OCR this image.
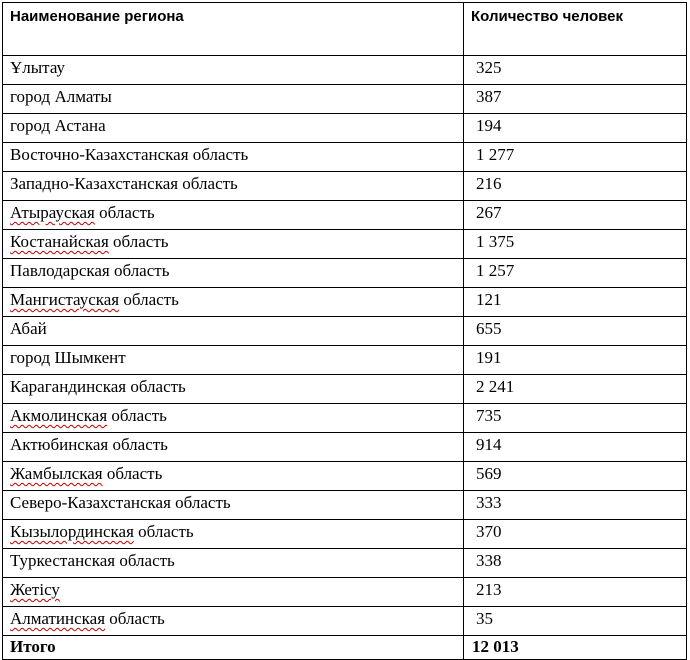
Наименование региона	Количество человек
Ұлытау	325
город Алматы	387
город Астана	194
Восточно-Казахстанская область	1 277
Западно-Казахстанская область	216
Атырауская область	267
Костанайская область	1 375
Павлодарская область	1 257
Мангистауская область	121
Абай	655
город Шымкент	191
Карагандинская область	2 241
Акмолинская область	735
Актюбинская область	914
Жамбылская область	569
Северо-Казахстанская область	333
Кызылординская область	370
Туркестанская область	338
Жетісу	213
Алматинская область	35
Итого	12 013
